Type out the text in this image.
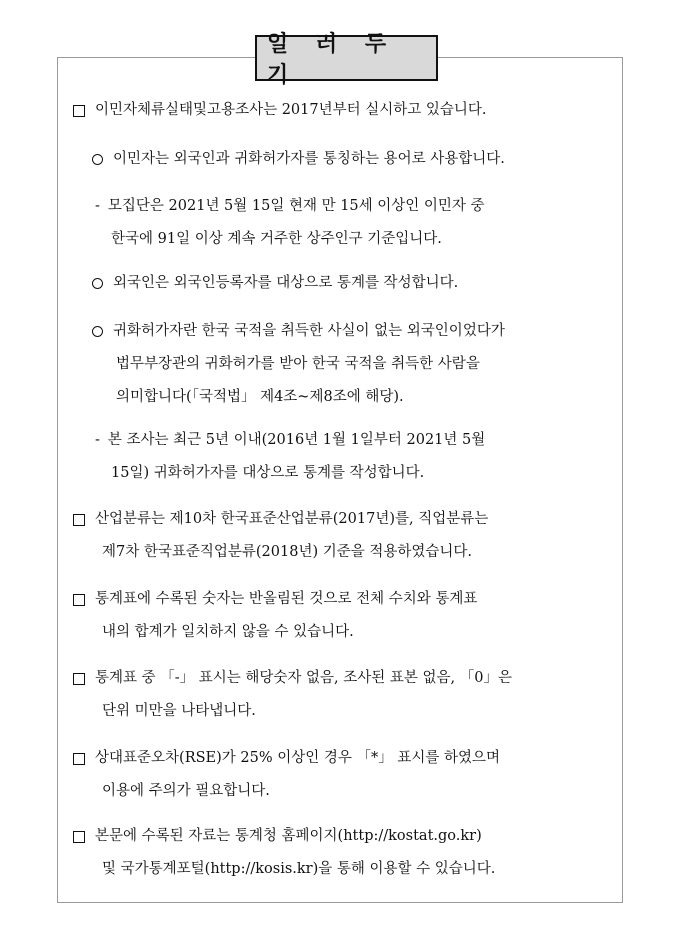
일 러 두 기
이민자체류실태및고용조사는 2017년부터 실시하고 있습니다.
이민자는 외국인과 귀화허가자를 통칭하는 용어로 사용합니다.
- 모집단은 2021년 5월 15일 현재 만 15세 이상인 이민자 중
한국에 91일 이상 계속 거주한 상주인구 기준입니다.
외국인은 외국인등록자를 대상으로 통계를 작성합니다.
귀화허가자란 한국 국적을 취득한 사실이 없는 외국인이었다가
법무부장관의 귀화허가를 받아 한국 국적을 취득한 사람을
의미합니다(「국적법」 제4조~제8조에 해당).
- 본 조사는 최근 5년 이내(2016년 1월 1일부터 2021년 5월
15일) 귀화허가자를 대상으로 통계를 작성합니다.
산업분류는 제10차 한국표준산업분류(2017년)를, 직업분류는
제7차 한국표준직업분류(2018년) 기준을 적용하였습니다.
통계표에 수록된 숫자는 반올림된 것으로 전체 수치와 통계표
내의 합계가 일치하지 않을 수 있습니다.
통계표 중 「-」 표시는 해당숫자 없음, 조사된 표본 없음, 「0」은
단위 미만을 나타냅니다.
상대표준오차(RSE)가 25% 이상인 경우 「*」 표시를 하였으며
이용에 주의가 필요합니다.
본문에 수록된 자료는 통계청 홈페이지(http://kostat.go.kr)
및 국가통계포털(http://kosis.kr)을 통해 이용할 수 있습니다.
